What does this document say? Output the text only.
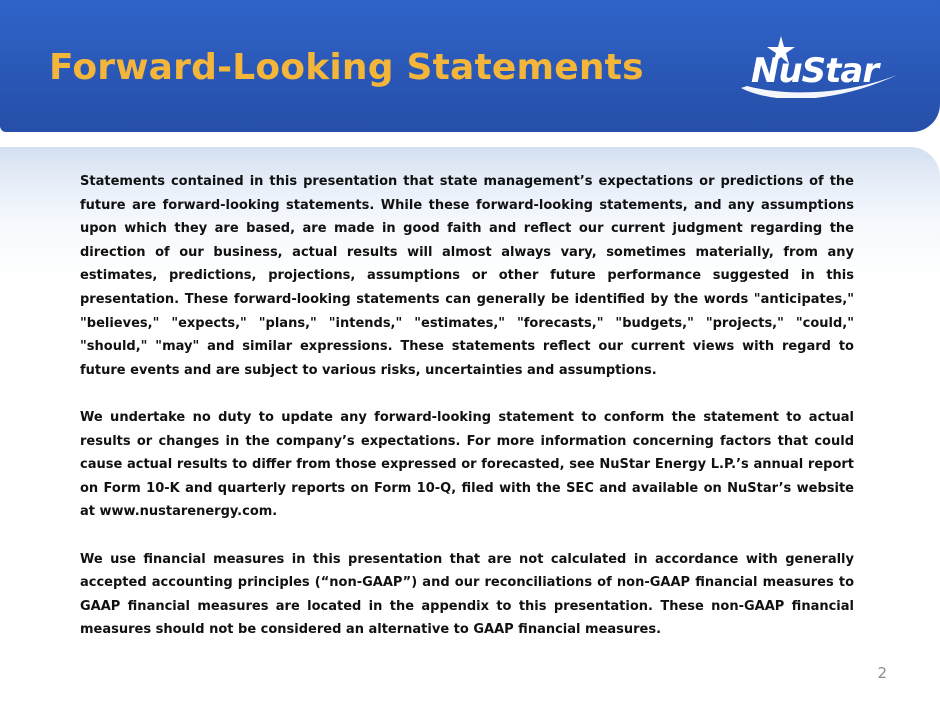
Forward-Looking Statements	NuStar

Statements contained in this presentation that state management’s expectations or predictions of the future are forward-looking statements. While these forward-looking statements, and any assumptions upon which they are based, are made in good faith and reflect our current judgment regarding the direction of our business, actual results will almost always vary, sometimes materially, from any estimates, predictions, projections, assumptions or other future performance suggested in this presentation. These forward-looking statements can generally be identified by the words "anticipates," "believes," "expects," "plans," "intends," "estimates," "forecasts," "budgets," "projects," "could," "should," "may" and similar expressions. These statements reflect our current views with regard to future events and are subject to various risks, uncertainties and assumptions.

We undertake no duty to update any forward-looking statement to conform the statement to actual results or changes in the company’s expectations. For more information concerning factors that could cause actual results to differ from those expressed or forecasted, see NuStar Energy L.P.’s annual report on Form 10-K and quarterly reports on Form 10-Q, filed with the SEC and available on NuStar’s website at www.nustarenergy.com.

We use financial measures in this presentation that are not calculated in accordance with generally accepted accounting principles (“non-GAAP”) and our reconciliations of non-GAAP financial measures to GAAP financial measures are located in the appendix to this presentation. These non-GAAP financial measures should not be considered an alternative to GAAP financial measures.

2
